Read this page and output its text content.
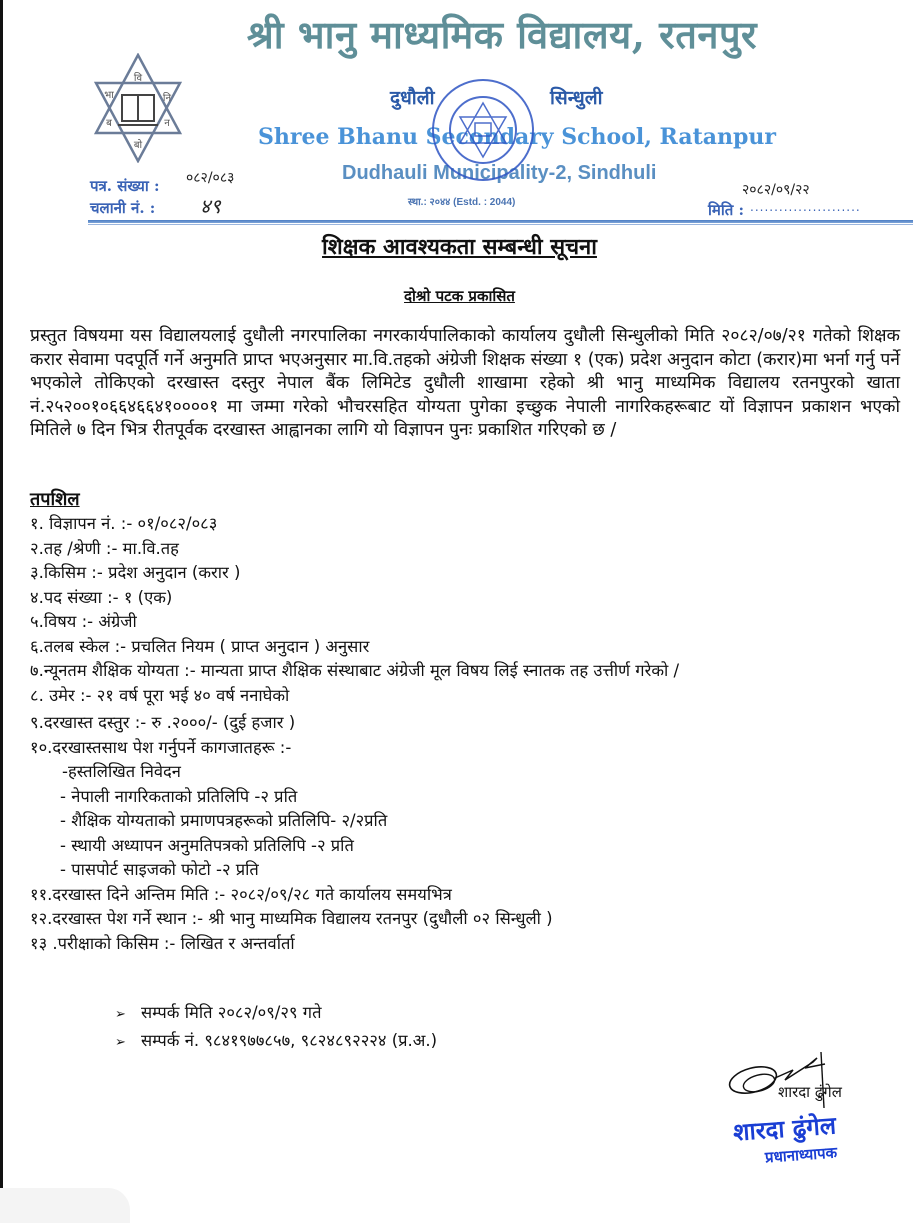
वि
भा	नि
ब	न
बो
श्री भानु माध्यमिक विद्यालय, रतनपुर
दुधौली	सिन्धुली
Shree Bhanu Secondary School, Ratanpur
Dudhauli Municipality-2, Sindhuli
स्था.: २०४४ (Estd. : 2044)
पत्र. संख्या : ०८२/०८३
चलानी नं. : ४९
२०८२/०९/२२
मिति : .......................
शिक्षक आवश्यकता सम्बन्धी सूचना
दोश्रो पटक प्रकासित
प्रस्तुत विषयमा यस विद्यालयलाई दुधौली नगरपालिका नगरकार्यपालिकाको कार्यालय दुधौली सिन्धुलीको मिति २०८२/०७/२१ गतेको शिक्षक करार सेवामा पदपूर्ति गर्ने अनुमति प्राप्त भएअनुसार मा.वि.तहको अंग्रेजी शिक्षक संख्या १ (एक) प्रदेश अनुदान कोटा (करार)मा भर्ना गर्नु पर्ने भएकोले तोकिएको दरखास्त दस्तुर नेपाल बैंक लिमिटेड दुधौली शाखामा रहेको श्री भानु माध्यमिक विद्यालय रतनपुरको खाता नं.२५२००१०६६४६६४१००००१ मा जम्मा गरेको भौचरसहित योग्यता पुगेका इच्छुक नेपाली नागरिकहरूबाट यों विज्ञापन प्रकाशन भएको मितिले ७ दिन भित्र रीतपूर्वक दरखास्त आह्वानका लागि यो विज्ञापन पुनः प्रकाशित गरिएको छ /
तपशिल
१. विज्ञापन नं. :- ०१/०८२/०८३
२.तह /श्रेणी :- मा.वि.तह
३.किसिम :- प्रदेश अनुदान (करार )
४.पद संख्या :- १ (एक)
५.विषय :- अंग्रेजी
६.तलब स्केल :- प्रचलित नियम ( प्राप्त अनुदान ) अनुसार
७.न्यूनतम शैक्षिक योग्यता :- मान्यता प्राप्त शैक्षिक संस्थाबाट अंग्रेजी मूल विषय लिई स्नातक तह उत्तीर्ण गरेको /
८. उमेर :- २१ वर्ष पूरा भई ४० वर्ष ननाघेको
९.दरखास्त दस्तुर :- रु .२०००/- (दुई हजार )
१०.दरखास्तसाथ पेश गर्नुपर्ने कागजातहरू :-
-हस्तलिखित निवेदन
- नेपाली नागरिकताको प्रतिलिपि -२ प्रति
- शैक्षिक योग्यताको प्रमाणपत्रहरूको प्रतिलिपि- २/२प्रति
- स्थायी अध्यापन अनुमतिपत्रको प्रतिलिपि -२ प्रति
- पासपोर्ट साइजको फोटो -२ प्रति
११.दरखास्त दिने अन्तिम मिति :- २०८२/०९/२८ गते कार्यालय समयभित्र
१२.दरखास्त पेश गर्ने स्थान :- श्री भानु माध्यमिक विद्यालय रतनपुर (दुधौली ०२ सिन्धुली )
१३ .परीक्षाको किसिम :- लिखित र अन्तर्वार्ता
➢ सम्पर्क मिति २०८२/०९/२९ गते
➢ सम्पर्क नं. ९८४१९७७८५७, ९८२४८९२२२४ (प्र.अ.)
शारदा ढुंगेल
शारदा ढुंगेल
प्रधानाध्यापक
